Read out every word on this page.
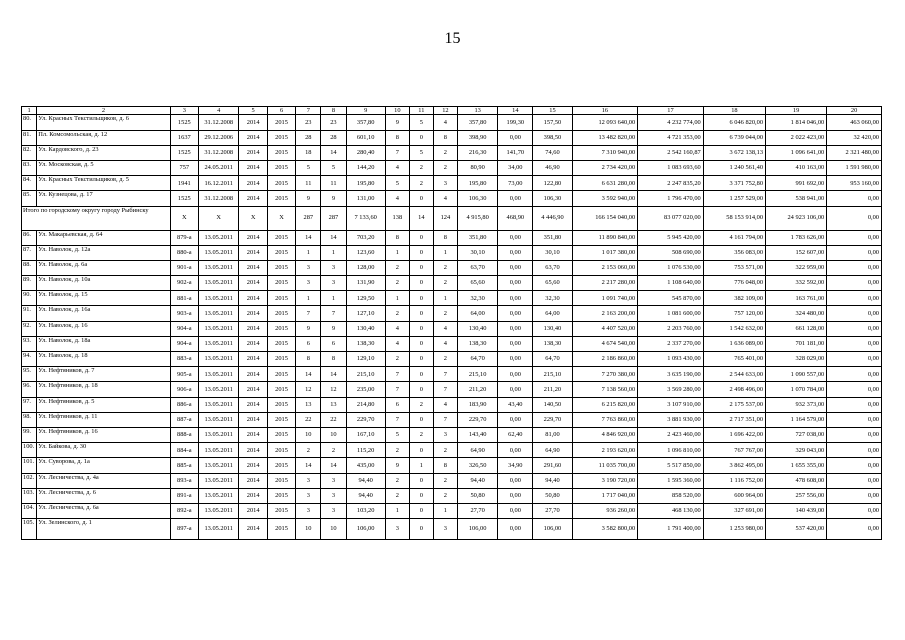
15
1	2	3	4	5	6	7	8	9	10	11	12	13	14	15	16	17	18	19	20
80.	Ул. Красных Текстильщиков, д. 6	1525	31.12.2008	2014	2015	23	23	357,80	9	5	4	357,80	199,30	157,50	12 093 640,00	4 232 774,00	6 046 820,00	1 814 046,00	463 060,00
81.	Пл. Комсомольская, д. 12	1637	29.12.2006	2014	2015	28	28	601,10	8	0	8	398,90	0,00	398,50	13 482 820,00	4 721 353,00	6 739 044,00	2 022 423,00	32 420,00
82.	Ул. Кардовского, д. 23	1525	31.12.2008	2014	2015	18	14	280,40	7	5	2	216,30	141,70	74,60	7 310 940,00	2 542 160,87	3 672 138,13	1 096 641,00	2 321 480,00
83.	Ул. Московская, д. 5	757	24.05.2011	2014	2015	5	5	144,20	4	2	2	80,90	34,00	46,90	2 734 420,00	1 083 693,60	1 240 561,40	410 163,00	1 591 980,00
84.	Ул. Красных Текстильщиков, д. 5	1941	16.12.2011	2014	2015	11	11	195,80	5	2	3	195,80	73,00	122,80	6 631 280,00	2 247 835,20	3 371 752,80	991 692,00	953 160,00
85.	Ул. Кузнецова, д. 17	1525	31.12.2008	2014	2015	9	9	131,00	4	0	4	106,30	0,00	106,30	3 592 940,00	1 796 470,00	1 257 529,00	538 941,00	0,00
Итого по городскому округу городу Рыбинску		Х	Х	Х	Х	287	287	7 133,60	138	14	124	4 915,80	468,90	4 446,90	166 154 040,00	83 077 020,00	58 153 914,00	24 923 106,00	0,00
86.	Ул. Макарьевская, д. 64	879-а	13.05.2011	2014	2015	14	14	703,20	8	0	8	351,80	0,00	351,80	11 890 840,00	5 945 420,00	4 161 794,00	1 783 626,00	0,00
87.	Ул. Наволок, д. 12а	880-а	13.05.2011	2014	2015	1	1	123,60	1	0	1	30,10	0,00	30,10	1 017 380,00	508 690,00	356 083,00	152 607,00	0,00
88.	Ул. Наволок, д. 6а	901-а	13.05.2011	2014	2015	3	3	128,00	2	0	2	63,70	0,00	63,70	2 153 060,00	1 076 530,00	753 571,00	322 959,00	0,00
89.	Ул. Наволок, д. 10а	902-а	13.05.2011	2014	2015	3	3	131,90	2	0	2	65,60	0,00	65,60	2 217 280,00	1 108 640,00	776 048,00	332 592,00	0,00
90.	Ул. Наволок, д. 15	881-а	13.05.2011	2014	2015	1	1	129,50	1	0	1	32,30	0,00	32,30	1 091 740,00	545 870,00	382 109,00	163 761,00	0,00
91.	Ул. Наволок, д. 16а	903-а	13.05.2011	2014	2015	7	7	127,10	2	0	2	64,00	0,00	64,00	2 163 200,00	1 081 600,00	757 120,00	324 480,00	0,00
92.	Ул. Наволок, д. 16	904-а	13.05.2011	2014	2015	9	9	130,40	4	0	4	130,40	0,00	130,40	4 407 520,00	2 203 760,00	1 542 632,00	661 128,00	0,00
93.	Ул. Наволок, д. 18а	904-а	13.05.2011	2014	2015	6	6	138,30	4	0	4	138,30	0,00	138,30	4 674 540,00	2 337 270,00	1 636 089,00	701 181,00	0,00
94.	Ул. Наволок, д. 18	883-а	13.05.2011	2014	2015	8	8	129,10	2	0	2	64,70	0,00	64,70	2 186 860,00	1 093 430,00	765 401,00	328 029,00	0,00
95.	Ул. Нефтяников, д. 7	905-а	13.05.2011	2014	2015	14	14	215,10	7	0	7	215,10	0,00	215,10	7 270 380,00	3 635 190,00	2 544 633,00	1 090 557,00	0,00
96.	Ул. Нефтяников, д. 18	906-а	13.05.2011	2014	2015	12	12	235,00	7	0	7	211,20	0,00	211,20	7 138 560,00	3 569 280,00	2 498 496,00	1 070 784,00	0,00
97.	Ул. Нефтяников, д. 5	886-а	13.05.2011	2014	2015	13	13	214,80	6	2	4	183,90	43,40	140,50	6 215 820,00	3 107 910,00	2 175 537,00	932 373,00	0,00
98.	Ул. Нефтяников, д. 11	887-а	13.05.2011	2014	2015	22	22	229,70	7	0	7	229,70	0,00	229,70	7 763 860,00	3 881 930,00	2 717 351,00	1 164 579,00	0,00
99.	Ул. Нефтяников, д. 16	888-а	13.05.2011	2014	2015	10	10	167,10	5	2	3	143,40	62,40	81,00	4 846 920,00	2 423 460,00	1 696 422,00	727 038,00	0,00
100.	Ул. Байкова, д. 30	884-а	13.05.2011	2014	2015	2	2	115,20	2	0	2	64,90	0,00	64,90	2 193 620,00	1 096 810,00	767 767,00	329 043,00	0,00
101.	Ул. Суворова, д. 1а	885-а	13.05.2011	2014	2015	14	14	435,00	9	1	8	326,50	34,90	291,60	11 035 700,00	5 517 850,00	3 862 495,00	1 655 355,00	0,00
102.	Ул. Лесничества, д. 4а	893-а	13.05.2011	2014	2015	3	3	94,40	2	0	2	94,40	0,00	94,40	3 190 720,00	1 595 360,00	1 116 752,00	478 608,00	0,00
103.	Ул. Лесничества, д. 6	891-а	13.05.2011	2014	2015	3	3	94,40	2	0	2	50,80	0,00	50,80	1 717 040,00	858 520,00	600 964,00	257 556,00	0,00
104.	Ул. Лесничества, д. 6а	892-а	13.05.2011	2014	2015	3	3	103,20	1	0	1	27,70	0,00	27,70	936 260,00	468 130,00	327 691,00	140 439,00	0,00
105.	Ул. Зелинского, д. 1	897-а	13.05.2011	2014	2015	10	10	106,00	3	0	3	106,00	0,00	106,00	3 582 800,00	1 791 400,00	1 253 980,00	537 420,00	0,00
